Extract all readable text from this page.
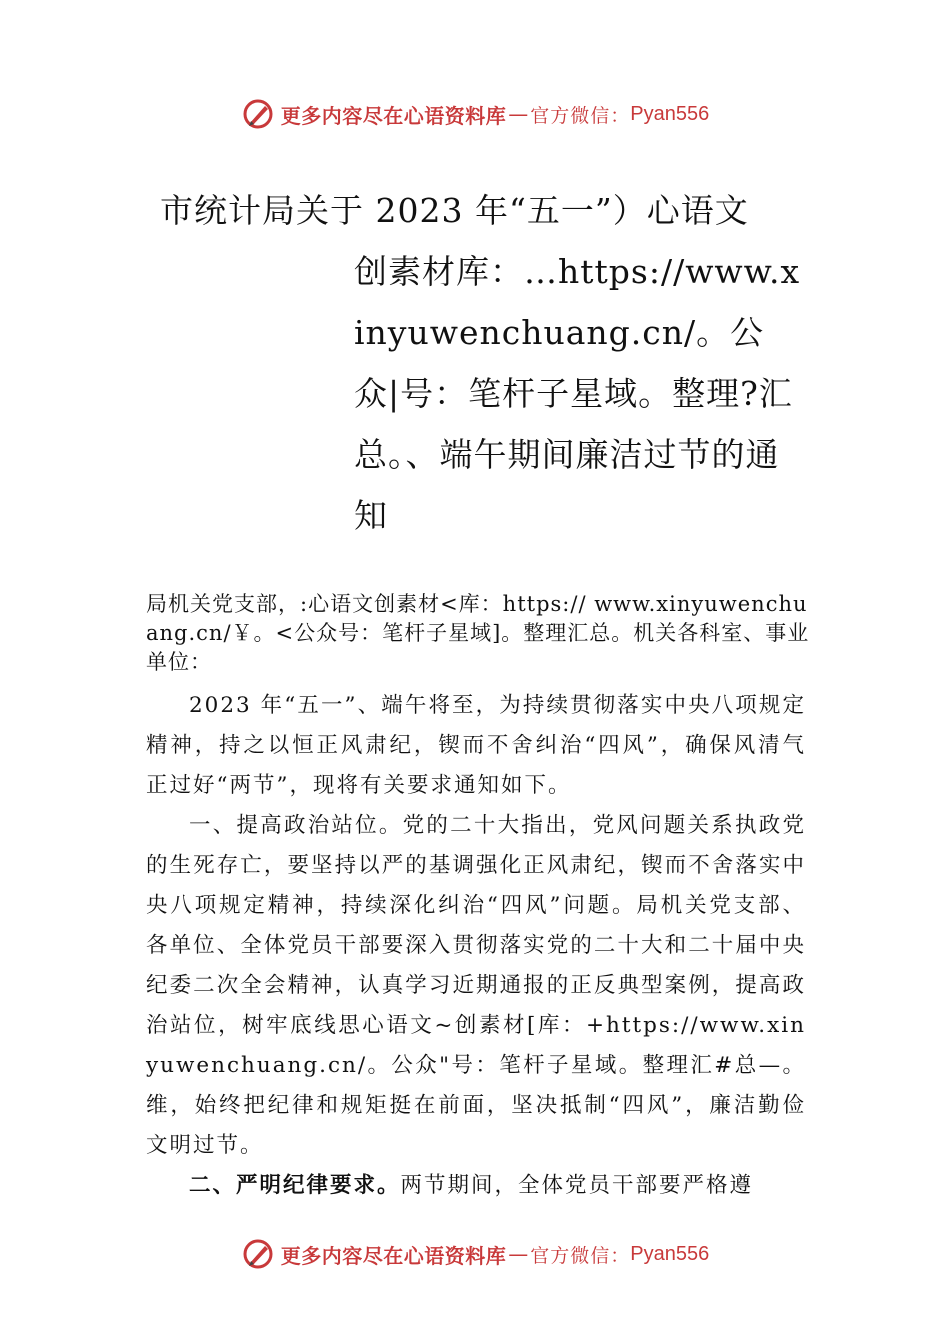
更多内容尽在心语资料库 — 官方微信： Pyan556
市统计局关于 2023 年“五一”）心语文
创素材库：…https://www.xinyuwenchuang.cn/。公众|号：笔杆子星域。整理?汇总。、端午期间廉洁过节的通知
局机关党支部，:心语文创素材<库：https:// www.xinyuwenchuang.cn/￥。<公众号：笔杆子星域]。整理汇总。机关各科室、事业单位：

2023 年“五一”、端午将至，为持续贯彻落实中央八项规定精神，持之以恒正风肃纪，锲而不舍纠治“四风”，确保风清气正过好“两节”，现将有关要求通知如下。

一、提高政治站位。党的二十大指出，党风问题关系执政党的生死存亡，要坚持以严的基调强化正风肃纪，锲而不舍落实中央八项规定精神，持续深化纠治“四风”问题。局机关党支部、各单位、全体党员干部要深入贯彻落实党的二十大和二十届中央纪委二次全会精神，认真学习近期通报的正反典型案例，提高政治站位，树牢底线思心语文~创素材[库：+https://www.xinyuwenchuang.cn/。公众"号：笔杆子星域。整理汇#总—。维，始终把纪律和规矩挺在前面，坚决抵制“四风”，廉洁勤俭文明过节。

二、严明纪律要求。两节期间，全体党员干部要严格遵

更多内容尽在心语资料库 — 官方微信： Pyan556
